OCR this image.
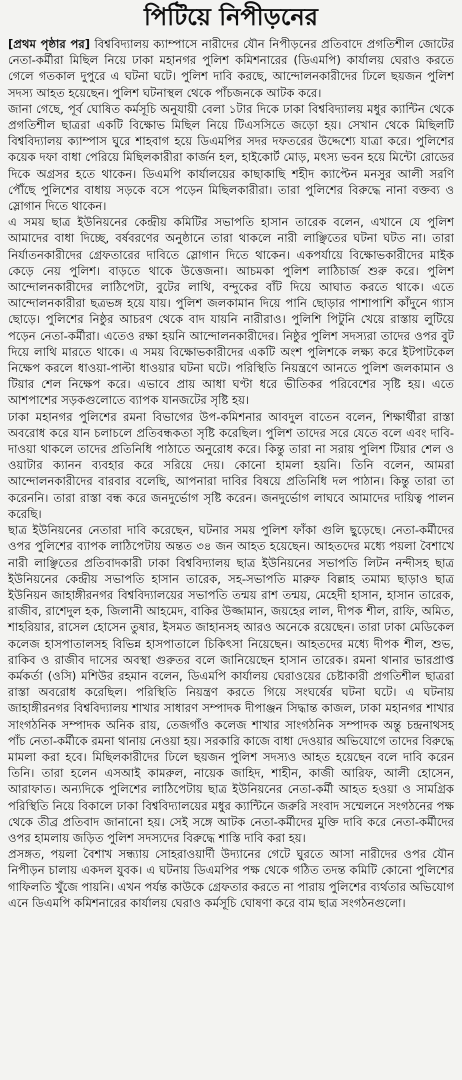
পিটিয়ে নিপীড়নের

[প্রথম পৃষ্ঠার পর] বিশ্ববিদ্যালয় ক্যাম্পাসে নারীদের যৌন নিপীড়নের প্রতিবাদে প্রগতিশীল জোটের নেতা-কর্মীরা মিছিল নিয়ে ঢাকা মহানগর পুলিশ কমিশনারের (ডিএমপি) কার্যালয় ঘেরাও করতে গেলে গতকাল দুপুরে এ ঘটনা ঘটে। পুলিশ দাবি করছে, আন্দোলনকারীদের ঢিলে ছয়জন পুলিশ সদস্য আহত হয়েছেন। পুলিশ ঘটনাস্থল থেকে পাঁচজনকে আটক করে।

জানা গেছে, পূর্ব ঘোষিত কর্মসূচি অনুযায়ী বেলা ১টার দিকে ঢাকা বিশ্ববিদ্যালয় মধুর ক্যান্টিন থেকে প্রগতিশীল ছাত্ররা একটি বিক্ষোভ মিছিল নিয়ে টিএসসিতে জড়ো হয়। সেখান থেকে মিছিলটি বিশ্ববিদ্যালয় ক্যাম্পাস ঘুরে শাহবাগ হয়ে ডিএমপির সদর দফতরের উদ্দেশ্যে যাত্রা করে। পুলিশের কয়েক দফা বাধা পেরিয়ে মিছিলকারীরা কার্জন হল, হাইকোর্ট মোড়, মৎস্য ভবন হয়ে মিন্টো রোডের দিকে অগ্রসর হতে থাকেন। ডিএমপি কার্যালয়ের কাছাকাছি শহীদ ক্যাপ্টেন মনসুর আলী সরণি পৌঁছে পুলিশের বাধায় সড়কে বসে পড়েন মিছিলকারীরা। তারা পুলিশের বিরুদ্ধে নানা বক্তব্য ও স্লোগান দিতে থাকেন।

এ সময় ছাত্র ইউনিয়নের কেন্দ্রীয় কমিটির সভাপতি হাসান তারেক বলেন, এখানে যে পুলিশ আমাদের বাধা দিচ্ছে, বর্ষবরণের অনুষ্ঠানে তারা থাকলে নারী লাঞ্ছিতের ঘটনা ঘটত না। তারা নির্যাতনকারীদের গ্রেফতারের দাবিতে স্লোগান দিতে থাকেন। একপর্যায়ে বিক্ষোভকারীদের মাইক কেড়ে নেয় পুলিশ। বাড়তে থাকে উত্তেজনা। আচমকা পুলিশ লাঠিচার্জ শুরু করে। পুলিশ আন্দোলনকারীদের লাঠিপেটা, বুটের লাথি, বন্দুকের বাঁট দিয়ে আঘাত করতে থাকে। এতে আন্দোলনকারীরা ছত্রভঙ্গ হয়ে যায়। পুলিশ জলকামান দিয়ে পানি ছোড়ার পাশাপাশি কাঁদুনে গ্যাস ছোড়ে। পুলিশের নিষ্ঠুর আচরণ থেকে বাদ যায়নি নারীরাও। পুলিশি পিটুনি খেয়ে রাস্তায় লুটিয়ে পড়েন নেতা-কর্মীরা। এতেও রক্ষা হয়নি আন্দোলনকারীদের। নিষ্ঠুর পুলিশ সদস্যরা তাদের ওপর বুট দিয়ে লাথি মারতে থাকে। এ সময় বিক্ষোভকারীদের একটি অংশ পুলিশকে লক্ষ্য করে ইটপাটকেল নিক্ষেপ করলে ধাওয়া-পাল্টা ধাওয়ার ঘটনা ঘটে। পরিস্থিতি নিয়ন্ত্রণে আনতে পুলিশ জলকামান ও টিয়ার শেল নিক্ষেপ করে। এভাবে প্রায় আধা ঘণ্টা ধরে ভীতিকর পরিবেশের সৃষ্টি হয়। এতে আশপাশের সড়কগুলোতে ব্যাপক যানজটের সৃষ্টি হয়।

ঢাকা মহানগর পুলিশের রমনা বিভাগের উপ-কমিশনার আবদুল বাতেন বলেন, শিক্ষার্থীরা রাস্তা অবরোধ করে যান চলাচলে প্রতিবন্ধকতা সৃষ্টি করেছিল। পুলিশ তাদের সরে যেতে বলে এবং দাবি-দাওয়া থাকলে তাদের প্রতিনিধি পাঠাতে অনুরোধ করে। কিন্তু তারা না সরায় পুলিশ টিয়ার শেল ও ওয়াটার ক্যানন ব্যবহার করে সরিয়ে দেয়। কোনো হামলা হয়নি। তিনি বলেন, আমরা আন্দোলনকারীদের বারবার বলেছি, আপনারা দাবির বিষয়ে প্রতিনিধি দল পাঠান। কিন্তু তারা তা করেননি। তারা রাস্তা বন্ধ করে জনদুর্ভোগ সৃষ্টি করেন। জনদুর্ভোগ লাঘবে আমাদের দায়িত্ব পালন করেছি।

ছাত্র ইউনিয়নের নেতারা দাবি করেছেন, ঘটনার সময় পুলিশ ফাঁকা গুলি ছুড়েছে। নেতা-কর্মীদের ওপর পুলিশের ব্যাপক লাঠিপেটায় অন্তত ৩৪ জন আহত হয়েছেন। আহতদের মধ্যে পয়লা বৈশাখে নারী লাঞ্ছিতের প্রতিবাদকারী ঢাকা বিশ্ববিদ্যালয় ছাত্র ইউনিয়নের সভাপতি লিটন নন্দীসহ ছাত্র ইউনিয়নের কেন্দ্রীয় সভাপতি হাসান তারেক, সহ-সভাপতি মারুফ বিল্লাহ তমাম্য ছাড়াও ছাত্র ইউনিয়ন জাহাঙ্গীরনগর বিশ্ববিদ্যালয়ের সভাপতি তন্ময় রাশ তন্ময়, মেহেদী হাসান, হাসান তারেক, রাজীব, রাশেদুল হক, জিলানী আহমেদ, বাকির উজ্জামান, জয়হের লাল, দীপক শীল, রাফি, অমিত, শাহরিয়ার, রাসেল হোসেন তুষার, ইসমত জাহানসহ আরও অনেকে রয়েছেন। তারা ঢাকা মেডিকেল কলেজ হাসপাতালসহ বিভিন্ন হাসপাতালে চিকিৎসা নিয়েছেন। আহতদের মধ্যে দীপক শীল, শুভ, রাকিব ও রাজীব দাসের অবস্থা গুরুতর বলে জানিয়েছেন হাসান তারেক। রমনা থানার ভারপ্রাপ্ত কর্মকর্তা (ওসি) মশিউর রহমান বলেন, ডিএমপি কার্যালয় ঘেরাওয়ের চেষ্টাকারী প্রগতিশীল ছাত্ররা রাস্তা অবরোধ করেছিল। পরিস্থিতি নিয়ন্ত্রণ করতে গিয়ে সংঘর্ষের ঘটনা ঘটে। এ ঘটনায় জাহাঙ্গীরনগর বিশ্ববিদ্যালয় শাখার সাধারণ সম্পাদক দীপাঞ্জন সিদ্ধান্ত কাজল, ঢাকা মহানগর শাখার সাংগঠনিক সম্পাদক অনিক রায়, তেজগাঁও কলেজ শাখার সাংগঠনিক সম্পাদক অন্তু চন্দ্রনাথসহ পাঁচ নেতা-কর্মীকে রমনা থানায় নেওয়া হয়। সরকারি কাজে বাধা দেওয়ার অভিযোগে তাদের বিরুদ্ধে মামলা করা হবে। মিছিলকারীদের ঢিলে ছয়জন পুলিশ সদস্যও আহত হয়েছেন বলে দাবি করেন তিনি। তারা হলেন এসআই কামরুল, নায়েক জাহিদ, শাহীন, কাজী আরিফ, আলী হোসেন, আরাফাত। অন্যদিকে পুলিশের লাঠিপেটায় ছাত্র ইউনিয়নের নেতা-কর্মী আহত হওয়া ও সামগ্রিক পরিস্থিতি নিয়ে বিকালে ঢাকা বিশ্ববিদ্যালয়ের মধুর ক্যান্টিনে জরুরি সংবাদ সম্মেলনে সংগঠনের পক্ষ থেকে তীব্র প্রতিবাদ জানানো হয়। সেই সঙ্গে আটক নেতা-কর্মীদের মুক্তি দাবি করে নেতা-কর্মীদের ওপর হামলায় জড়িত পুলিশ সদস্যদের বিরুদ্ধে শাস্তি দাবি করা হয়।

প্রসঙ্গত, পয়লা বৈশাখ সন্ধ্যায় সোহরাওয়ার্দী উদ্যানের গেটে ঘুরতে আসা নারীদের ওপর যৌন নিপীড়ন চালায় একদল যুবক। এ ঘটনায় ডিএমপির পক্ষ থেকে গঠিত তদন্ত কমিটি কোনো পুলিশের গাফিলতি খুঁজে পায়নি। এখন পর্যন্ত কাউকে গ্রেফতার করতে না পারায় পুলিশের ব্যর্থতার অভিযোগ এনে ডিএমপি কমিশনারের কার্যালয় ঘেরাও কর্মসূচি ঘোষণা করে বাম ছাত্র সংগঠনগুলো।
